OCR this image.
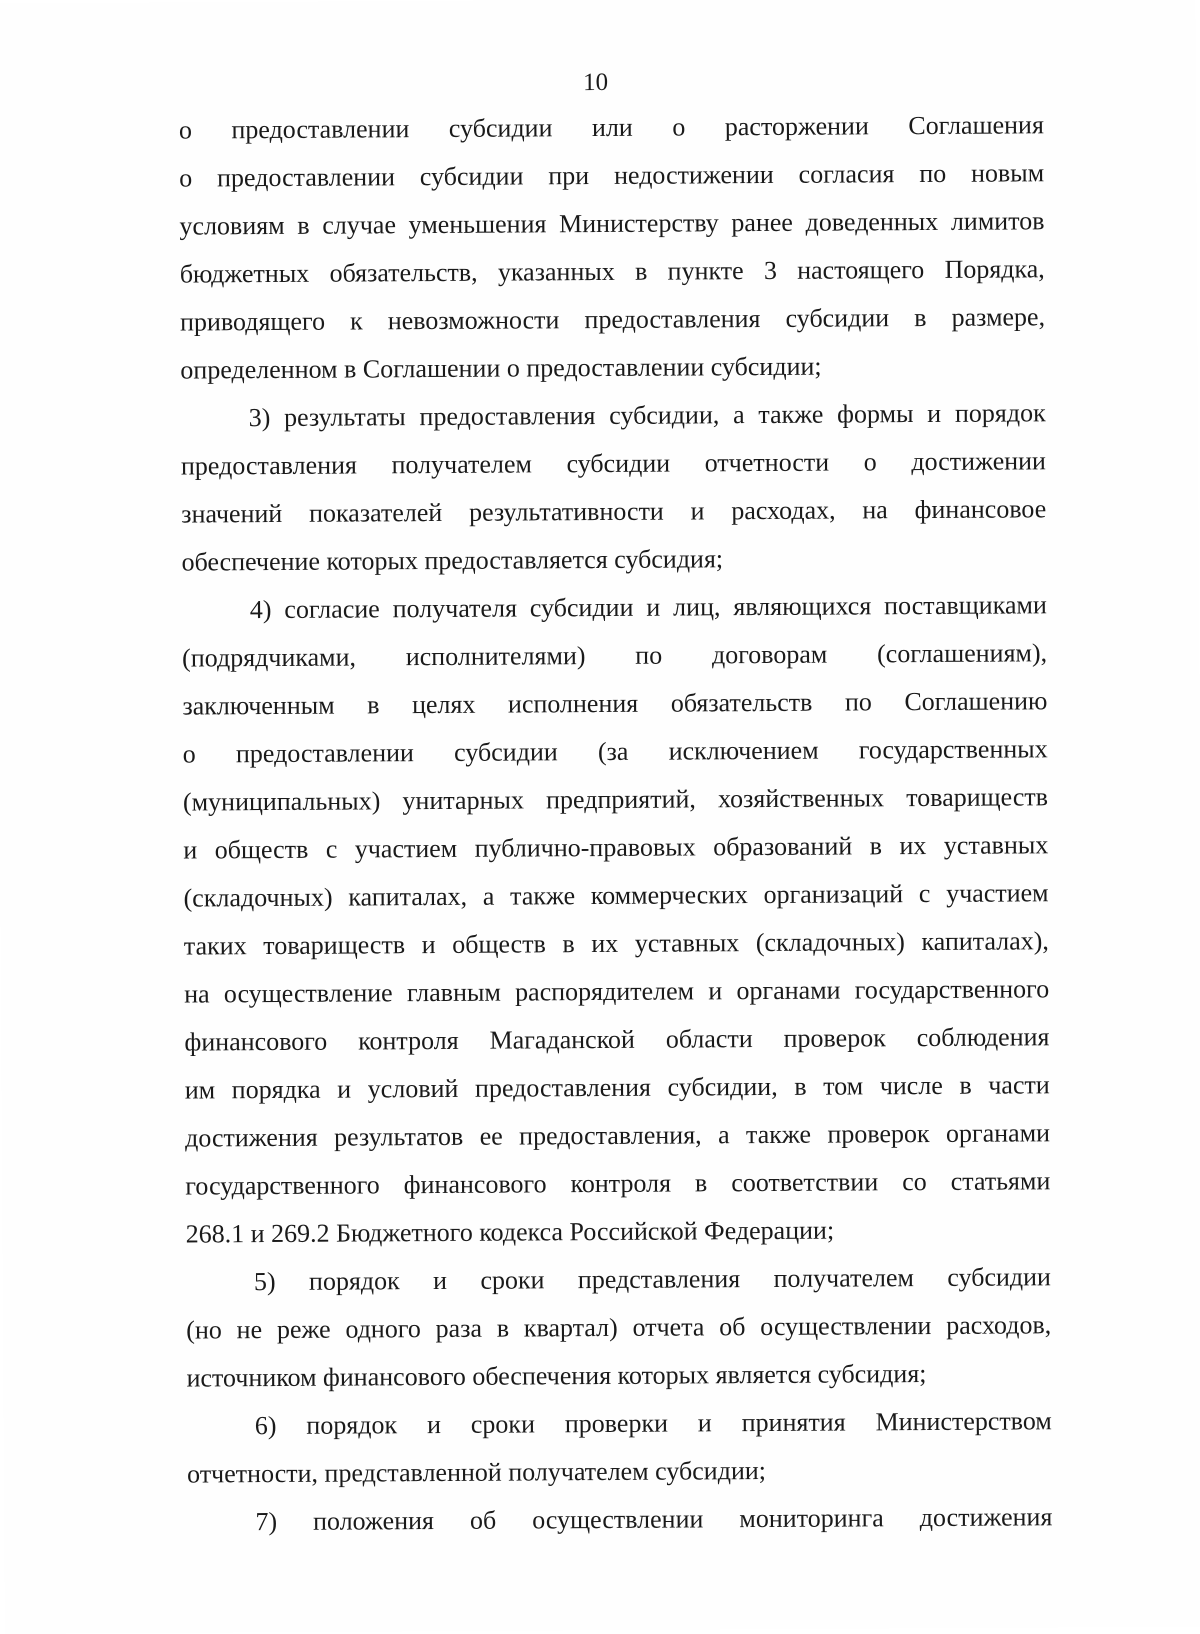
10
о предоставлении субсидии или о расторжении Соглашения
о предоставлении субсидии при недостижении согласия по новым
условиям в случае уменьшения Министерству ранее доведенных лимитов
бюджетных обязательств, указанных в пункте 3 настоящего Порядка,
приводящего к невозможности предоставления субсидии в размере,
определенном в Соглашении о предоставлении субсидии;
3) результаты предоставления субсидии, а также формы и порядок
предоставления получателем субсидии отчетности о достижении
значений показателей результативности и расходах, на финансовое
обеспечение которых предоставляется субсидия;
4) согласие получателя субсидии и лиц, являющихся поставщиками
(подрядчиками, исполнителями) по договорам (соглашениям),
заключенным в целях исполнения обязательств по Соглашению
о предоставлении субсидии (за исключением государственных
(муниципальных) унитарных предприятий, хозяйственных товариществ
и обществ с участием публично-правовых образований в их уставных
(складочных) капиталах, а также коммерческих организаций с участием
таких товариществ и обществ в их уставных (складочных) капиталах),
на осуществление главным распорядителем и органами государственного
финансового контроля Магаданской области проверок соблюдения
им порядка и условий предоставления субсидии, в том числе в части
достижения результатов ее предоставления, а также проверок органами
государственного финансового контроля в соответствии со статьями
268.1 и 269.2 Бюджетного кодекса Российской Федерации;
5) порядок и сроки представления получателем субсидии
(но не реже одного раза в квартал) отчета об осуществлении расходов,
источником финансового обеспечения которых является субсидия;
6) порядок и сроки проверки и принятия Министерством
отчетности, представленной получателем субсидии;
7) положения об осуществлении мониторинга достижения
